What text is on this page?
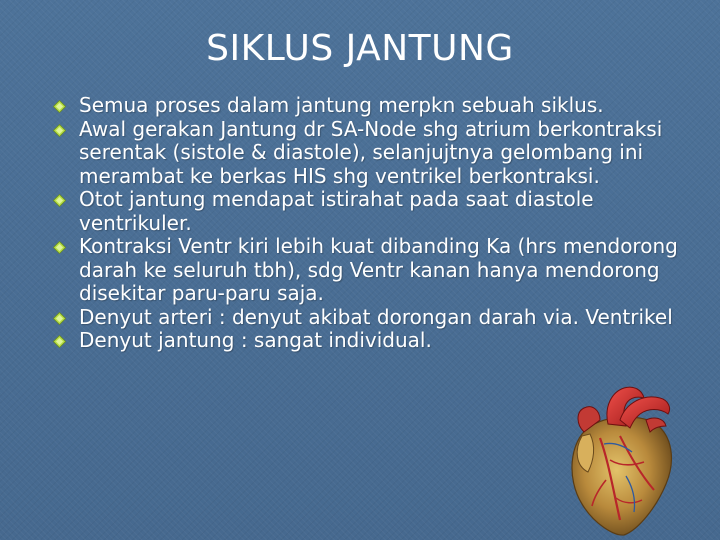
SIKLUS JANTUNG
Semua proses dalam jantung merpkn sebuah siklus.
Awal gerakan Jantung dr SA-Node shg atrium berkontraksi serentak (sistole & diastole), selanjujtnya gelombang ini merambat ke berkas HIS shg ventrikel berkontraksi.
Otot jantung mendapat istirahat pada saat diastole ventrikuler.
Kontraksi Ventr kiri lebih kuat dibanding Ka (hrs mendorong darah ke seluruh tbh), sdg Ventr kanan hanya mendorong disekitar paru-paru saja.
Denyut arteri : denyut akibat dorongan darah via. Ventrikel
Denyut jantung : sangat individual.
